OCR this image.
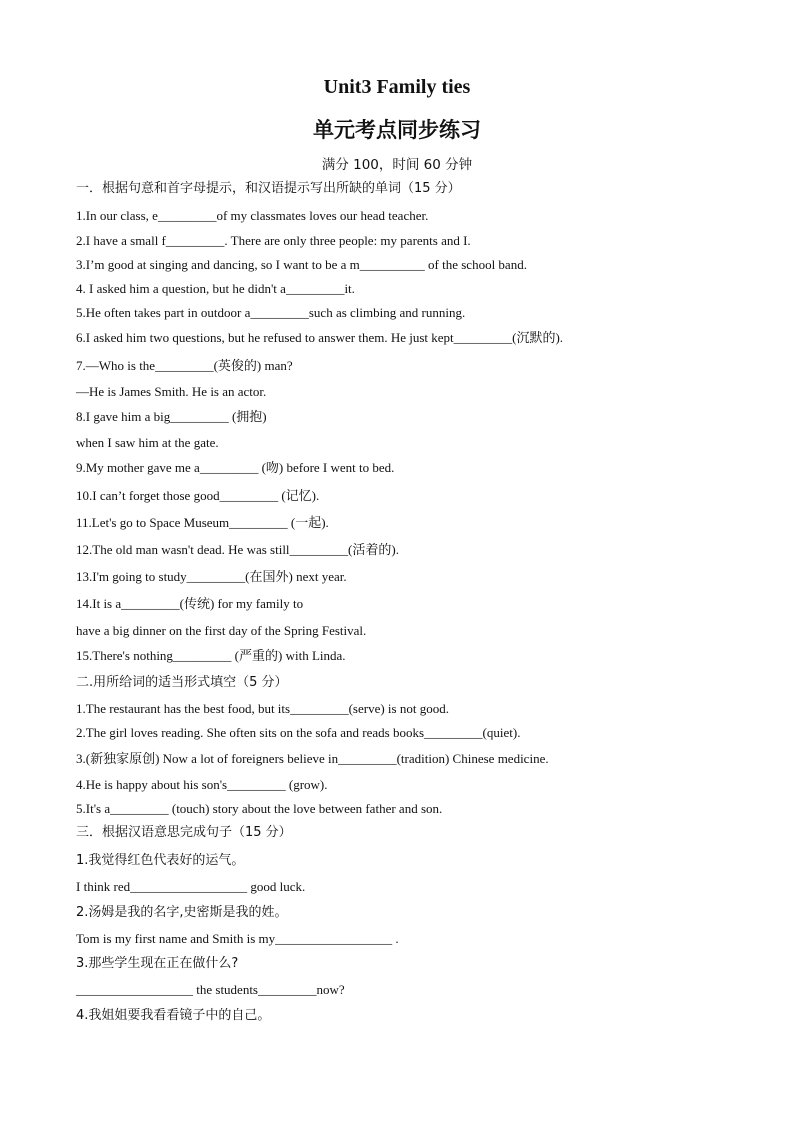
Unit3 Family ties
单元考点同步练习
满分 100，时间 60 分钟
一．根据句意和首字母提示，和汉语提示写出所缺的单词（15 分）
1.In our class, e_________of my classmates loves our head teacher.
2.I have a small f_________. There are only three people: my parents and I.
3.I’m good at singing and dancing, so I want to be a m__________ of the school band.
4. I asked him a question, but he didn't a_________it.
5.He often takes part in outdoor a_________such as climbing and running.
6.I asked him two questions, but he refused to answer them. He just kept_________(沉默的).
7.—Who is the_________(英俊的) man?
—He is James Smith. He is an actor.
8.I gave him a big_________ (拥抱)
when I saw him at the gate.
9.My mother gave me a_________ (吻) before I went to bed.
10.I can’t forget those good_________ (记忆).
11.Let's go to Space Museum_________ (一起).
12.The old man wasn't dead. He was still_________(活着的).
13.I'm going to study_________(在国外) next year.
14.It is a_________(传统) for my family to
have a big dinner on the first day of the Spring Festival.
15.There's nothing_________ (严重的) with Linda.
二.用所给词的适当形式填空（5 分）
1.The restaurant has the best food, but its_________(serve) is not good.
2.The girl loves reading. She often sits on the sofa and reads books_________(quiet).
3.(新独家原创) Now a lot of foreigners believe in_________(tradition) Chinese medicine.
4.He is happy about his son's_________ (grow).
5.It's a_________ (touch) story about the love between father and son.
三．根据汉语意思完成句子（15 分）
1.我觉得红色代表好的运气。
I think red__________________ good luck.
2.汤姆是我的名字,史密斯是我的姓。
Tom is my first name and Smith is my__________________ .
3.那些学生现在正在做什么?
__________________ the students_________now?
4.我姐姐要我看看镜子中的自己。
